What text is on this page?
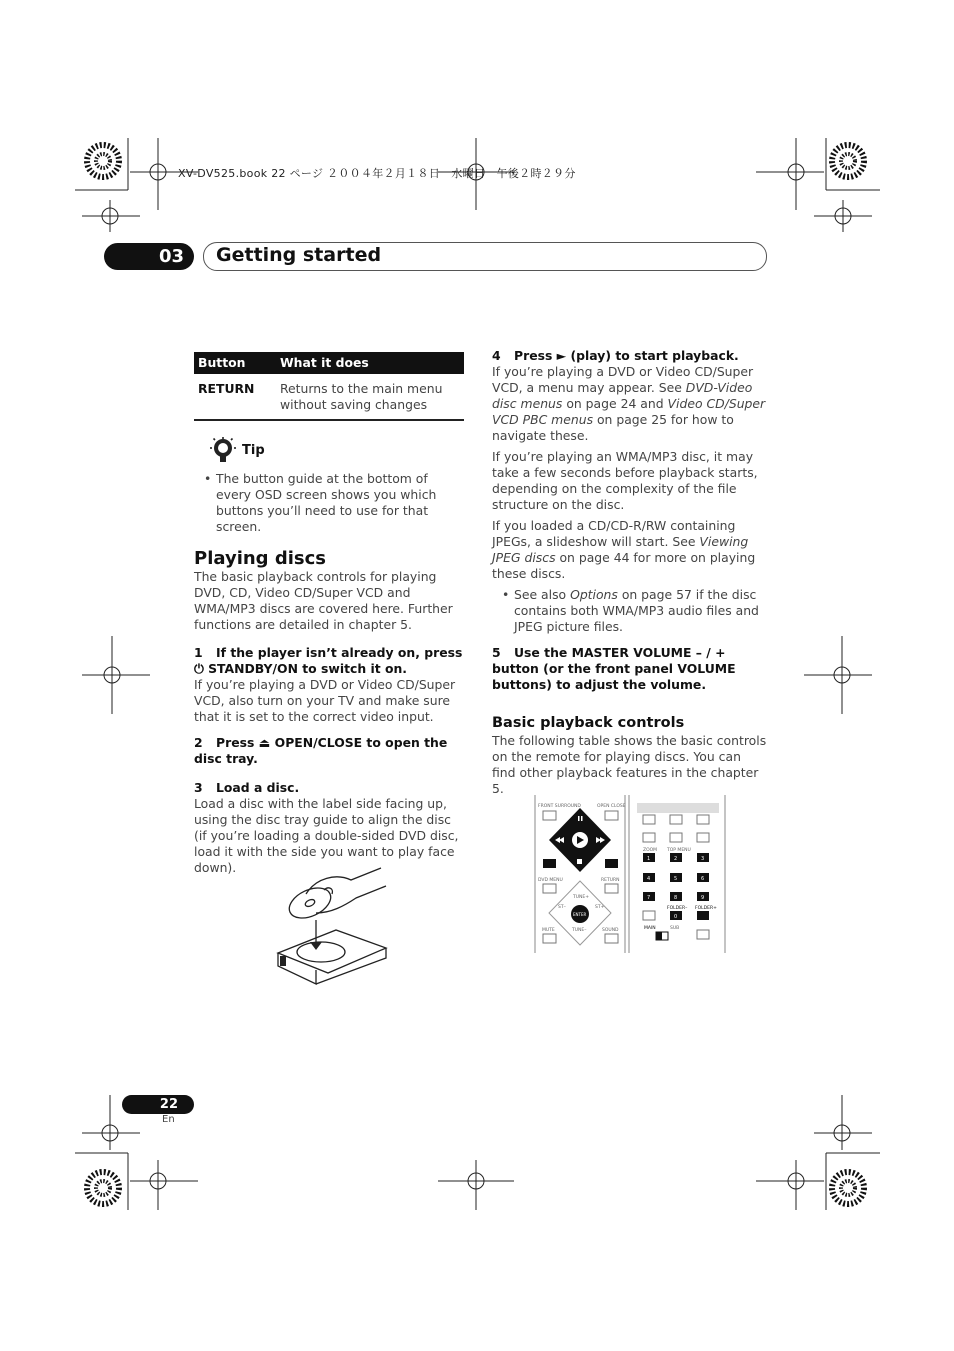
XV-DV525.book 22 ページ ２００４年２月１８日　水曜日　午後２時２９分
03	Getting started
Button	What it does
RETURN	Returns to the main menu without saving changes
Tip

• The button guide at the bottom of every OSD screen shows you which buttons you’ll need to use for that screen.

Playing discs

The basic playback controls for playing DVD, CD, Video CD/Super VCD and WMA/MP3 discs are covered here. Further functions are detailed in chapter 5.

1 If the player isn’t already on, press

⏻ STANDBY/ON to switch it on.

If you’re playing a DVD or Video CD/Super VCD, also turn on your TV and make sure that it is set to the correct video input.

2 Press ⏏ OPEN/CLOSE to open the disc tray.

3 Load a disc.

Load a disc with the label side facing up, using the disc tray guide to align the disc (if you’re loading a double-sided DVD disc, load it with the side you want to play face down).

4 Press ► (play) to start playback.

If you’re playing a DVD or Video CD/Super VCD, a menu may appear. See DVD-Video disc menus on page 24 and Video CD/Super VCD PBC menus on page 25 for how to navigate these.

If you’re playing an WMA/MP3 disc, it may take a few seconds before playback starts, depending on the complexity of the file structure on the disc.

If you loaded a CD/CD-R/RW containing JPEGs, a slideshow will start. See Viewing JPEG discs on page 44 for more on playing these discs.

• See also Options on page 57 if the disc contains both WMA/MP3 audio files and JPEG picture files.

5 Use the MASTER VOLUME – / + button (or the front panel VOLUME buttons) to adjust the volume.

Basic playback controls

The following table shows the basic controls on the remote for playing discs. You can find other playback features in the chapter 5.

FRONT SURROUND	OPEN CLOSE
DVD MENU	RETURN
ENTER
TUNE+
TUNE–
ST–	ST+
MUTE	SOUND
ZOOM TOP MENU
1	2	3
4	5	6
7	8	9
0
FOLDER– FOLDER+
MAIN	SUB
22
En
